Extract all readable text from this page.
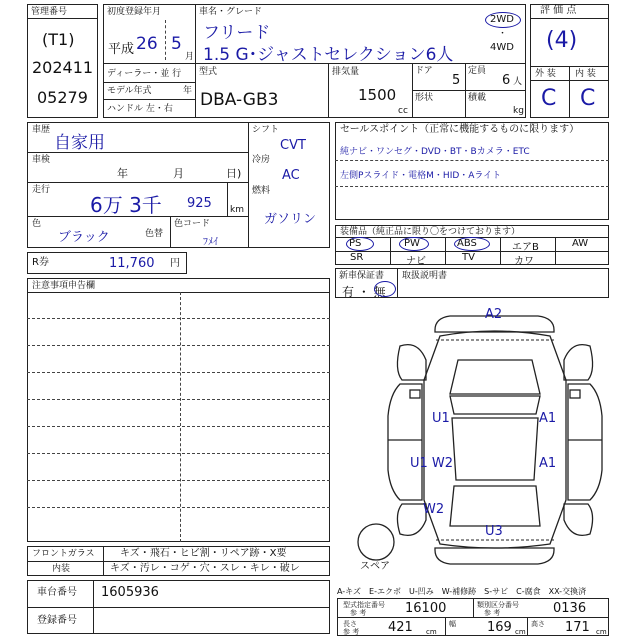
管理番号
(T1)
202411
05279
初度登録年月
平成 26 5
月
車名・グレード
フリード
1.5 G･ジャストセレクション6人
2WD
・
4WD
ディーラー・並 行
モデル年式	年
ハンドル 左・右
型式
DBA-GB3
排気量
1500
cc
ドア
5
定員
6 人
形状	積載
kg
評 価 点
(4)
外 装 内 装
C C
車歴
自家用
車検
年	月	日)
走行
6万 3千 925 km
色
ブラック	色替
色コード
ﾌﾒｲ
シフト
CVT
冷房
AC
燃料
ガソリン
セールスポイント（正常に機能するものに限ります）
純ナビ・ワンセグ・DVD・BT・Bカメラ・ETC
左側Pスライド・電格M・HID・Aライト
装備品（純正品に限り〇をつけております）
PS	PW	ABS	エアB	AW
SR	ナビ	TV	カワ
新車保証書
有 ・ 無
取扱説明書
R券	11,760 円
注意事項申告欄
A2
U1	A1
U1 W2	A1
W2
U3
スペア
フロントガラス	キズ・飛石・ヒビ割・リペア跡・X要
内装	キズ・汚レ・コゲ・穴・スレ・キレ・破レ
車台番号 1605936
登録番号
A-キズ　E-エクボ　U-凹み　W-補修跡　S-サビ　C-腐食　XX-交換済
型式指定番号
参 考	16100	類別区分番号
参 考	0136
長さ
参 考 421 cm
幅 169 cm
高さ 171 cm
